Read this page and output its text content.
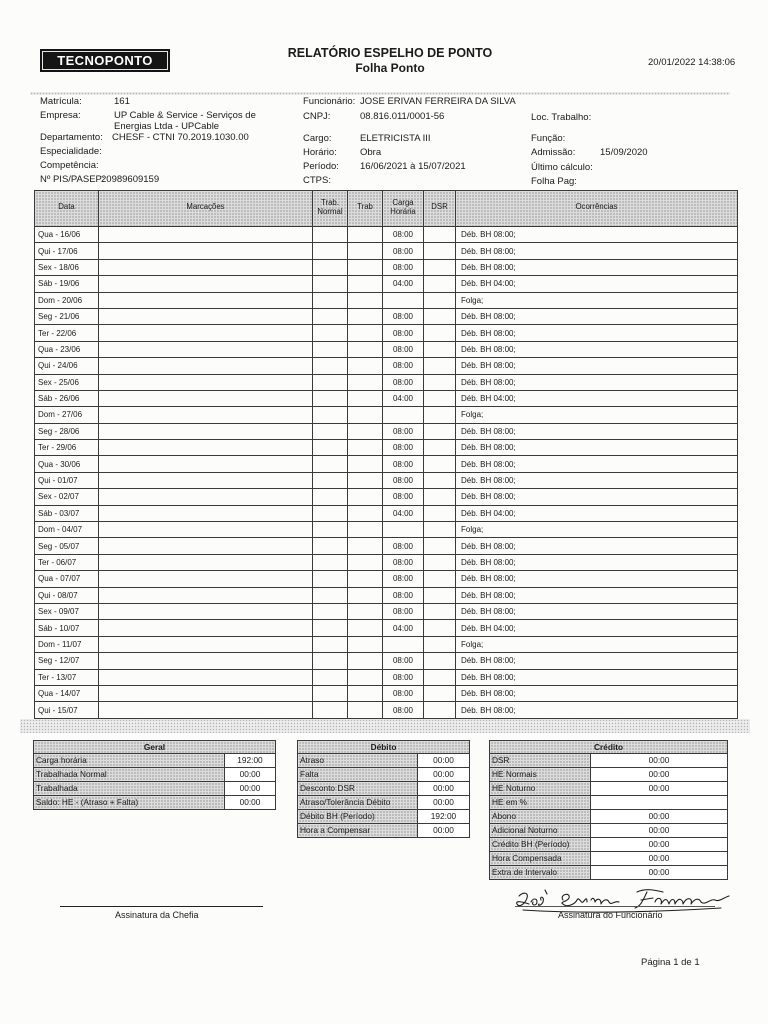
TECNOPONTO	RELATÓRIO ESPELHO DE PONTO
Folha Ponto	20/01/2022 14:38:06
Matrícula:	161
Empresa:	UP Cable & Service - Serviços de
Energias Ltda - UPCable
Departamento: CHESF - CTNI 70.2019.1030.00
Especialidade:
Competência:
Nº PIS/PASEP:
20989609159
Funcionário: JOSE ERIVAN FERREIRA DA SILVA
CNPJ:	08.816.011/0001-56
Cargo:	ELETRICISTA III
Horário: Obra
Período: 16/06/2021 à 15/07/2021
CTPS:
Loc. Trabalho:
Função:
Admissão:	15/09/2020
Último cálculo:
Folha Pag:
Data	Marcações	Trab. Normal	Trab	Carga Horária	DSR	Ocorrências
Qua - 16/06				08:00		Déb. BH 08:00;
Qui - 17/06				08:00		Déb. BH 08:00;
Sex - 18/06				08:00		Déb. BH 08:00;
Sáb - 19/06				04:00		Déb. BH 04:00;
Dom - 20/06						Folga;
Seg - 21/06				08:00		Déb. BH 08:00;
Ter - 22/06				08:00		Déb. BH 08:00;
Qua - 23/06				08:00		Déb. BH 08:00;
Qui - 24/06				08:00		Déb. BH 08:00;
Sex - 25/06				08:00		Déb. BH 08:00;
Sáb - 26/06				04:00		Déb. BH 04:00;
Dom - 27/06						Folga;
Seg - 28/06				08:00		Déb. BH 08:00;
Ter - 29/06				08:00		Déb. BH 08:00;
Qua - 30/06				08:00		Déb. BH 08:00;
Qui - 01/07				08:00		Déb. BH 08:00;
Sex - 02/07				08:00		Déb. BH 08:00;
Sáb - 03/07				04:00		Déb. BH 04:00;
Dom - 04/07						Folga;
Seg - 05/07				08:00		Déb. BH 08:00;
Ter - 06/07				08:00		Déb. BH 08:00;
Qua - 07/07				08:00		Déb. BH 08:00;
Qui - 08/07				08:00		Déb. BH 08:00;
Sex - 09/07				08:00		Déb. BH 08:00;
Sáb - 10/07				04:00		Déb. BH 04:00;
Dom - 11/07						Folga;
Seg - 12/07				08:00		Déb. BH 08:00;
Ter - 13/07				08:00		Déb. BH 08:00;
Qua - 14/07				08:00		Déb. BH 08:00;
Qui - 15/07				08:00		Déb. BH 08:00;
Geral	
Carga horária	192:00
Trabalhada Normal	00:00
Trabalhada	00:00
Saldo: HE - (Atraso + Falta)	00:00
Débito	
Atraso	00:00
Falta	00:00
Desconto DSR	00:00
Atraso/Tolerância Débito	00:00
Débito BH (Período)	192:00
Hora a Compensar	00:00
Crédito	
DSR	00:00
HE Normais	00:00
HE Noturno	00:00
HE em %	
Abono	00:00
Adicional Noturno	00:00
Crédito BH (Período)	00:00
Hora Compensada	00:00
Extra de Intervalo	00:00
Assinatura da Chefia	Assinatura do Funcionário
Página 1 de 1
